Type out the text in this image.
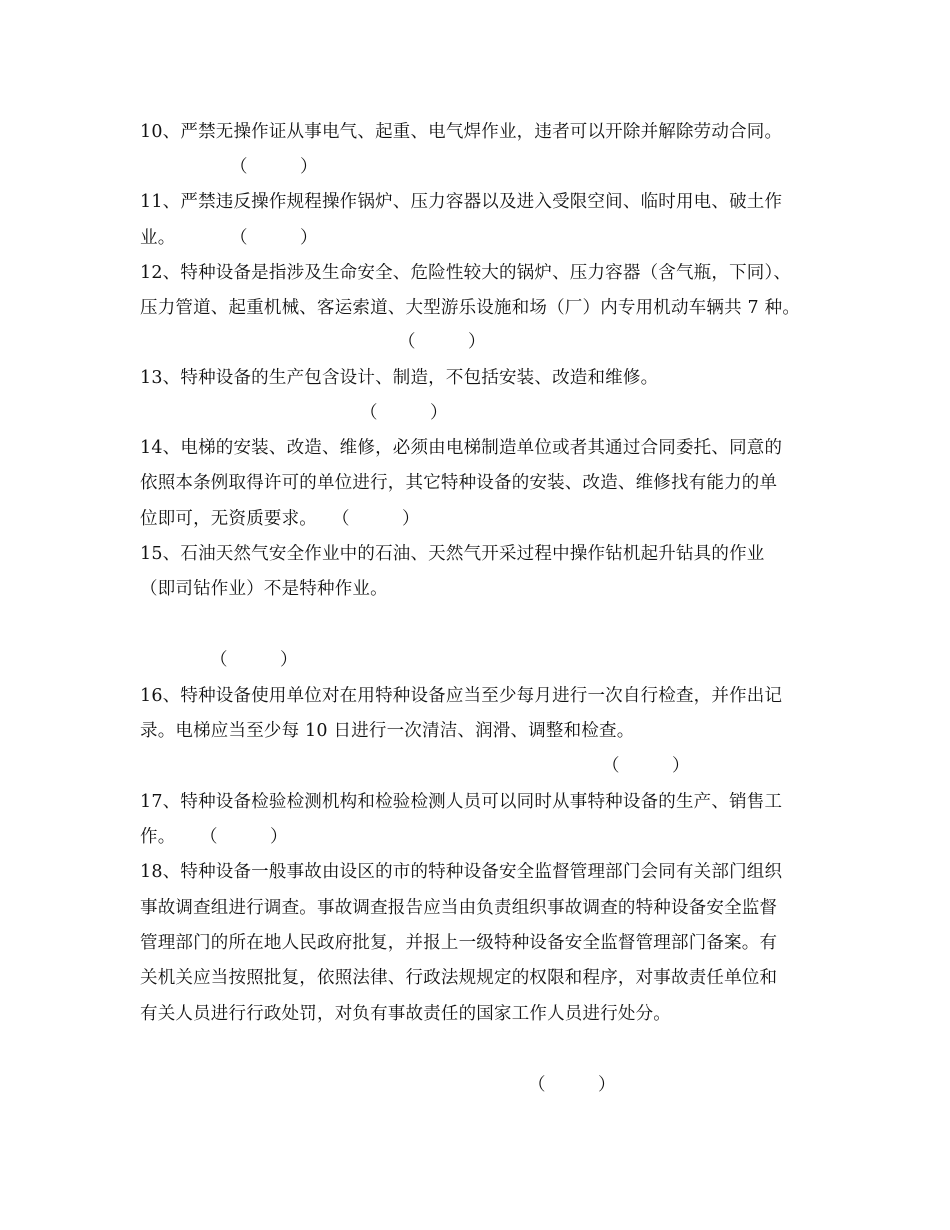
10、严禁无操作证从事电气、起重、电气焊作业，违者可以开除并解除劳动合同。
（　　　）
11、严禁违反操作规程操作锅炉、压力容器以及进入受限空间、临时用电、破土作
业。	（　　　）
12、特种设备是指涉及生命安全、危险性较大的锅炉、压力容器（含气瓶，下同）、
压力管道、起重机械、客运索道、大型游乐设施和场（厂）内专用机动车辆共 7 种。
（　　　）
13、特种设备的生产包含设计、制造，不包括安装、改造和维修。
（　　　）
14、电梯的安装、改造、维修，必须由电梯制造单位或者其通过合同委托、同意的
依照本条例取得许可的单位进行，其它特种设备的安装、改造、维修找有能力的单
位即可，无资质要求。 （　　　）
15、石油天然气安全作业中的石油、天然气开采过程中操作钻机起升钻具的作业
（即司钻作业）不是特种作业。
（　　　）
16、特种设备使用单位对在用特种设备应当至少每月进行一次自行检查，并作出记
录。电梯应当至少每 10 日进行一次清洁、润滑、调整和检查。
（　　　）
17、特种设备检验检测机构和检验检测人员可以同时从事特种设备的生产、销售工
作。 （　　　）
18、特种设备一般事故由设区的市的特种设备安全监督管理部门会同有关部门组织
事故调查组进行调查。事故调查报告应当由负责组织事故调查的特种设备安全监督
管理部门的所在地人民政府批复，并报上一级特种设备安全监督管理部门备案。有
关机关应当按照批复，依照法律、行政法规规定的权限和程序，对事故责任单位和
有关人员进行行政处罚，对负有事故责任的国家工作人员进行处分。
（　　　）
